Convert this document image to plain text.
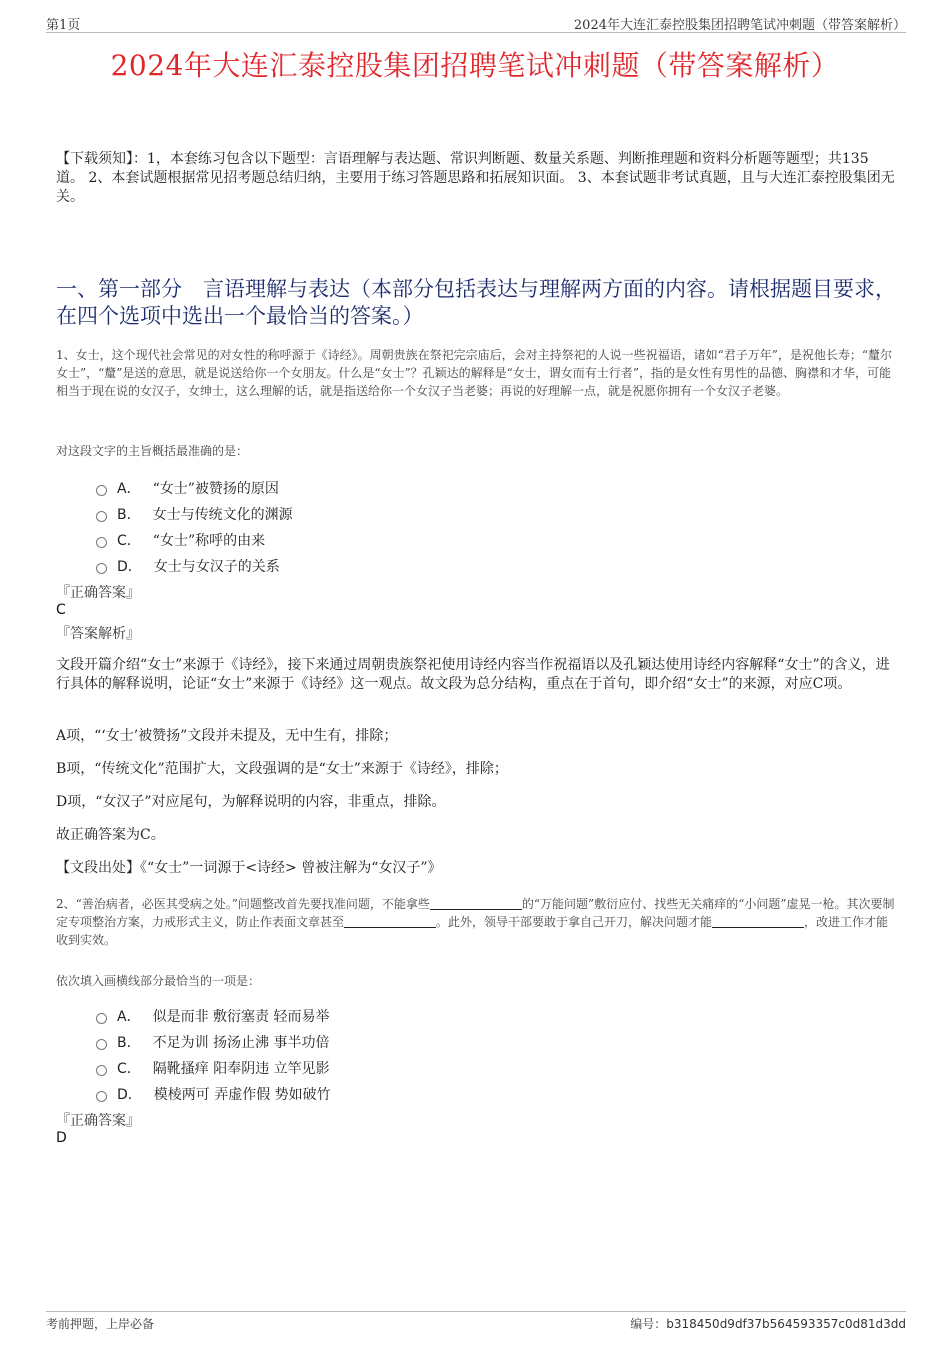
第1页	2024年大连汇泰控股集团招聘笔试冲刺题（带答案解析）
2024年大连汇泰控股集团招聘笔试冲刺题（带答案解析）
【下载须知】：1，本套练习包含以下题型：言语理解与表达题、常识判断题、数量关系题、判断推理题和资料分析题等题型；共135道。 2、本套试题根据常见招考题总结归纳，主要用于练习答题思路和拓展知识面。 3、本套试题非考试真题，且与大连汇泰控股集团无关。
一、第一部分　言语理解与表达（本部分包括表达与理解两方面的内容。请根据题目要求，在四个选项中选出一个最恰当的答案。）
1、女士，这个现代社会常见的对女性的称呼源于《诗经》。周朝贵族在祭祀完宗庙后，会对主持祭祀的人说一些祝福语，诸如“君子万年”，是祝他长寿；“釐尔女士”，“釐”是送的意思，就是说送给你一个女朋友。什么是“女士”？孔颖达的解释是“女士，谓女而有士行者”，指的是女性有男性的品德、胸襟和才华，可能相当于现在说的女汉子，女绅士，这么理解的话，就是指送给你一个女汉子当老婆；再说的好理解一点，就是祝愿你拥有一个女汉子老婆。
对这段文字的主旨概括最准确的是：
A． “女士”被赞扬的原因
B． 女士与传统文化的渊源
C． “女士”称呼的由来
D． 女士与女汉子的关系
『正确答案』
C
『答案解析』
文段开篇介绍“女士”来源于《诗经》，接下来通过周朝贵族祭祀使用诗经内容当作祝福语以及孔颖达使用诗经内容解释“女士”的含义，进行具体的解释说明，论证“女士”来源于《诗经》这一观点。故文段为总分结构，重点在于首句，即介绍“女士”的来源，对应C项。
A项，“‘女士’被赞扬”文段并未提及，无中生有，排除；
B项，“传统文化”范围扩大，文段强调的是“女士”来源于《诗经》，排除；
D项，“女汉子”对应尾句，为解释说明的内容，非重点，排除。
故正确答案为C。
【文段出处】《“女士”一词源于<诗经> 曾被注解为“女汉子”》
2、“善治病者，必医其受病之处。”问题整改首先要找准问题，不能拿些	的“万能问题”敷衍应付、找些无关痛痒的“小问题”虚晃一枪。其次要制定专项整治方案，力戒形式主义，防止作表面文章甚至	。此外，领导干部要敢于拿自己开刀，解决问题才能	，改进工作才能收到实效。
依次填入画横线部分最恰当的一项是：
A． 似是而非 敷衍塞责 轻而易举
B． 不足为训 扬汤止沸 事半功倍
C． 隔靴搔痒 阳奉阴违 立竿见影
D． 模棱两可 弄虚作假 势如破竹
『正确答案』
D
考前押题，上岸必备	编号：b318450d9df37b564593357c0d81d3dd
